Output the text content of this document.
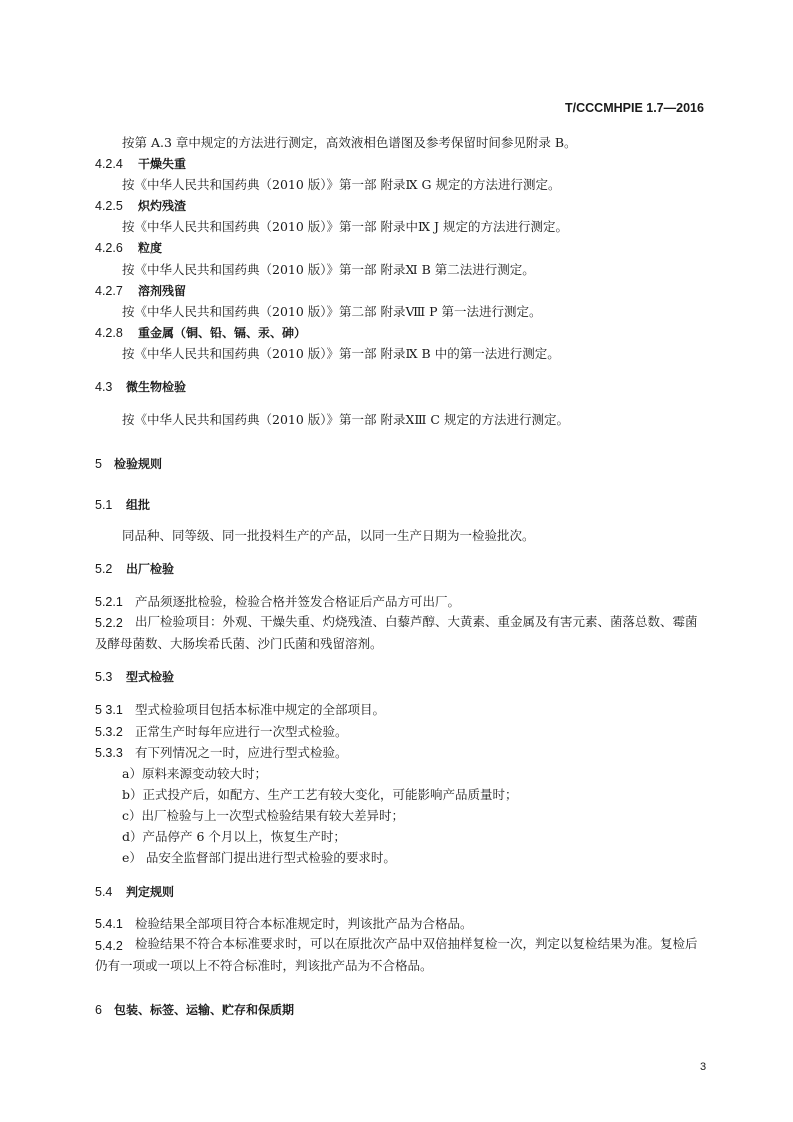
T/CCCMHPIE 1.7—2016
按第 A.3 章中规定的方法进行测定，高效液相色谱图及参考保留时间参见附录 B。
4.2.4 干燥失重
按《中华人民共和国药典（2010 版）》第一部 附录Ⅸ G 规定的方法进行测定。
4.2.5 炽灼残渣
按《中华人民共和国药典（2010 版）》第一部 附录中Ⅸ J 规定的方法进行测定。
4.2.6 粒度
按《中华人民共和国药典（2010 版）》第一部 附录Ⅺ B 第二法进行测定。
4.2.7 溶剂残留
按《中华人民共和国药典（2010 版）》第二部 附录Ⅷ P 第一法进行测定。
4.2.8 重金属（铜、铅、镉、汞、砷）
按《中华人民共和国药典（2010 版）》第一部 附录Ⅸ B 中的第一法进行测定。
4.3 微生物检验
按《中华人民共和国药典（2010 版）》第一部 附录ⅩⅢ C 规定的方法进行测定。
5 检验规则
5.1 组批
同品种、同等级、同一批投料生产的产品，以同一生产日期为一检验批次。
5.2 出厂检验
5.2.1 产品须逐批检验，检验合格并签发合格证后产品方可出厂。
5.2.2 出厂检验项目：外观、干燥失重、灼烧残渣、白藜芦醇、大黄素、重金属及有害元素、菌落总数、霉菌及酵母菌数、大肠埃希氏菌、沙门氏菌和残留溶剂。
5.3 型式检验
5 3.1 型式检验项目包括本标准中规定的全部项目。
5.3.2 正常生产时每年应进行一次型式检验。
5.3.3 有下列情况之一时，应进行型式检验。
a）原料来源变动较大时；
b）正式投产后，如配方、生产工艺有较大变化，可能影响产品质量时；
c）出厂检验与上一次型式检验结果有较大差异时；
d）产品停产 6 个月以上，恢复生产时；
e） 品安全监督部门提出进行型式检验的要求时。
5.4 判定规则
5.4.1 检验结果全部项目符合本标准规定时，判该批产品为合格品。
5.4.2 检验结果不符合本标准要求时，可以在原批次产品中双倍抽样复检一次，判定以复检结果为准。复检后仍有一项或一项以上不符合标准时，判该批产品为不合格品。
6 包装、标签、运输、贮存和保质期
3
